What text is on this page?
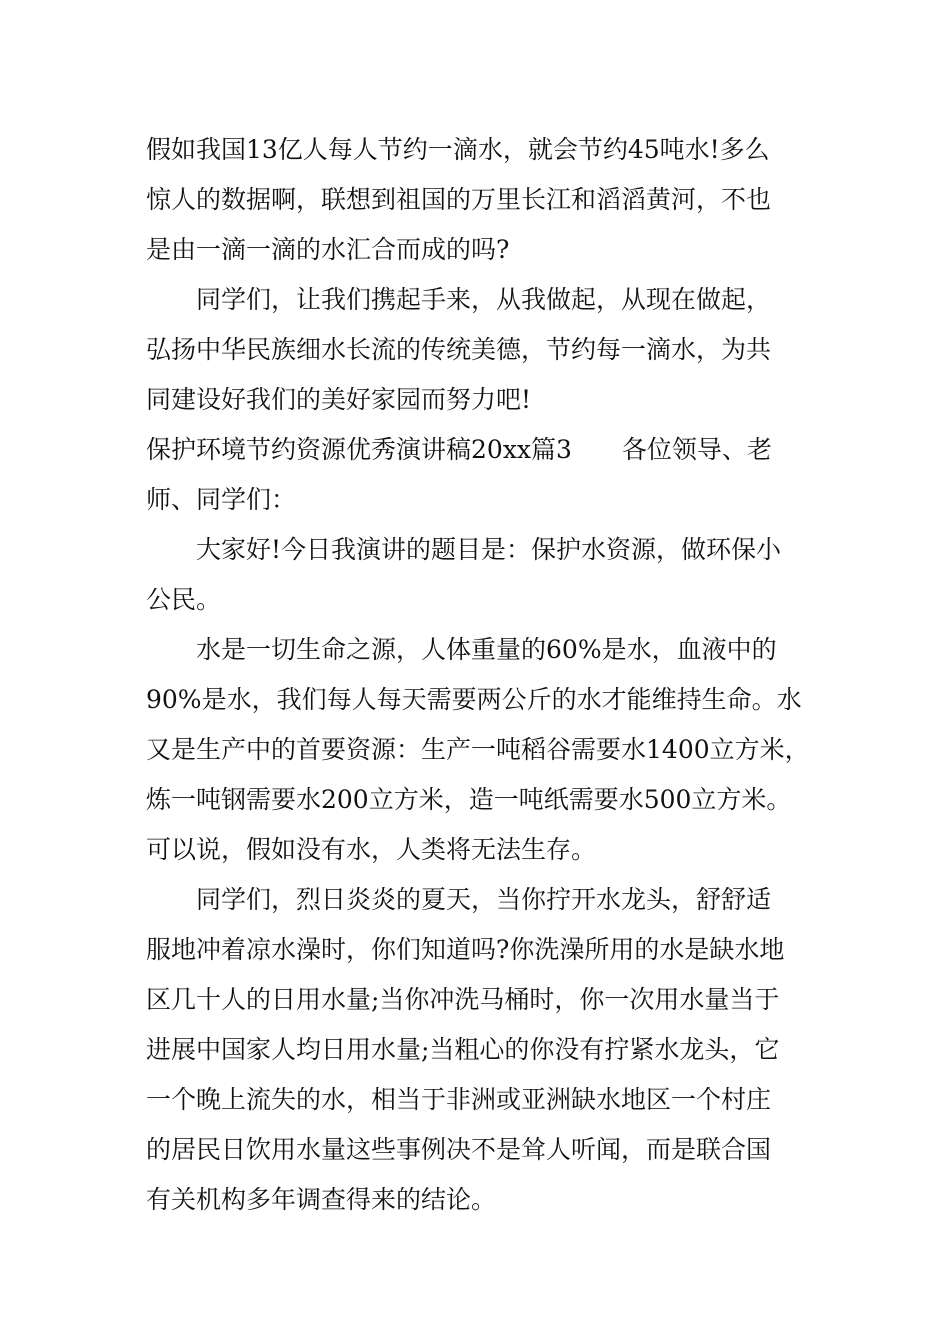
假如我国13亿人每人节约一滴水，就会节约45吨水!多么
惊人的数据啊，联想到祖国的万里长江和滔滔黄河，不也
是由一滴一滴的水汇合而成的吗?
同学们，让我们携起手来，从我做起，从现在做起，
弘扬中华民族细水长流的传统美德，节约每一滴水，为共
同建设好我们的美好家园而努力吧!
保护环境节约资源优秀演讲稿20xx篇3　　各位领导、老
师、同学们：
大家好!今日我演讲的题目是：保护水资源，做环保小
公民。
水是一切生命之源，人体重量的60%是水，血液中的
90%是水，我们每人每天需要两公斤的水才能维持生命。水
又是生产中的首要资源：生产一吨稻谷需要水1400立方米，
炼一吨钢需要水200立方米，造一吨纸需要水500立方米。
可以说，假如没有水，人类将无法生存。
同学们，烈日炎炎的夏天，当你拧开水龙头，舒舒适
服地冲着凉水澡时，你们知道吗?你洗澡所用的水是缺水地
区几十人的日用水量;当你冲洗马桶时，你一次用水量当于
进展中国家人均日用水量;当粗心的你没有拧紧水龙头，它
一个晚上流失的水，相当于非洲或亚洲缺水地区一个村庄
的居民日饮用水量这些事例决不是耸人听闻，而是联合国
有关机构多年调查得来的结论。
